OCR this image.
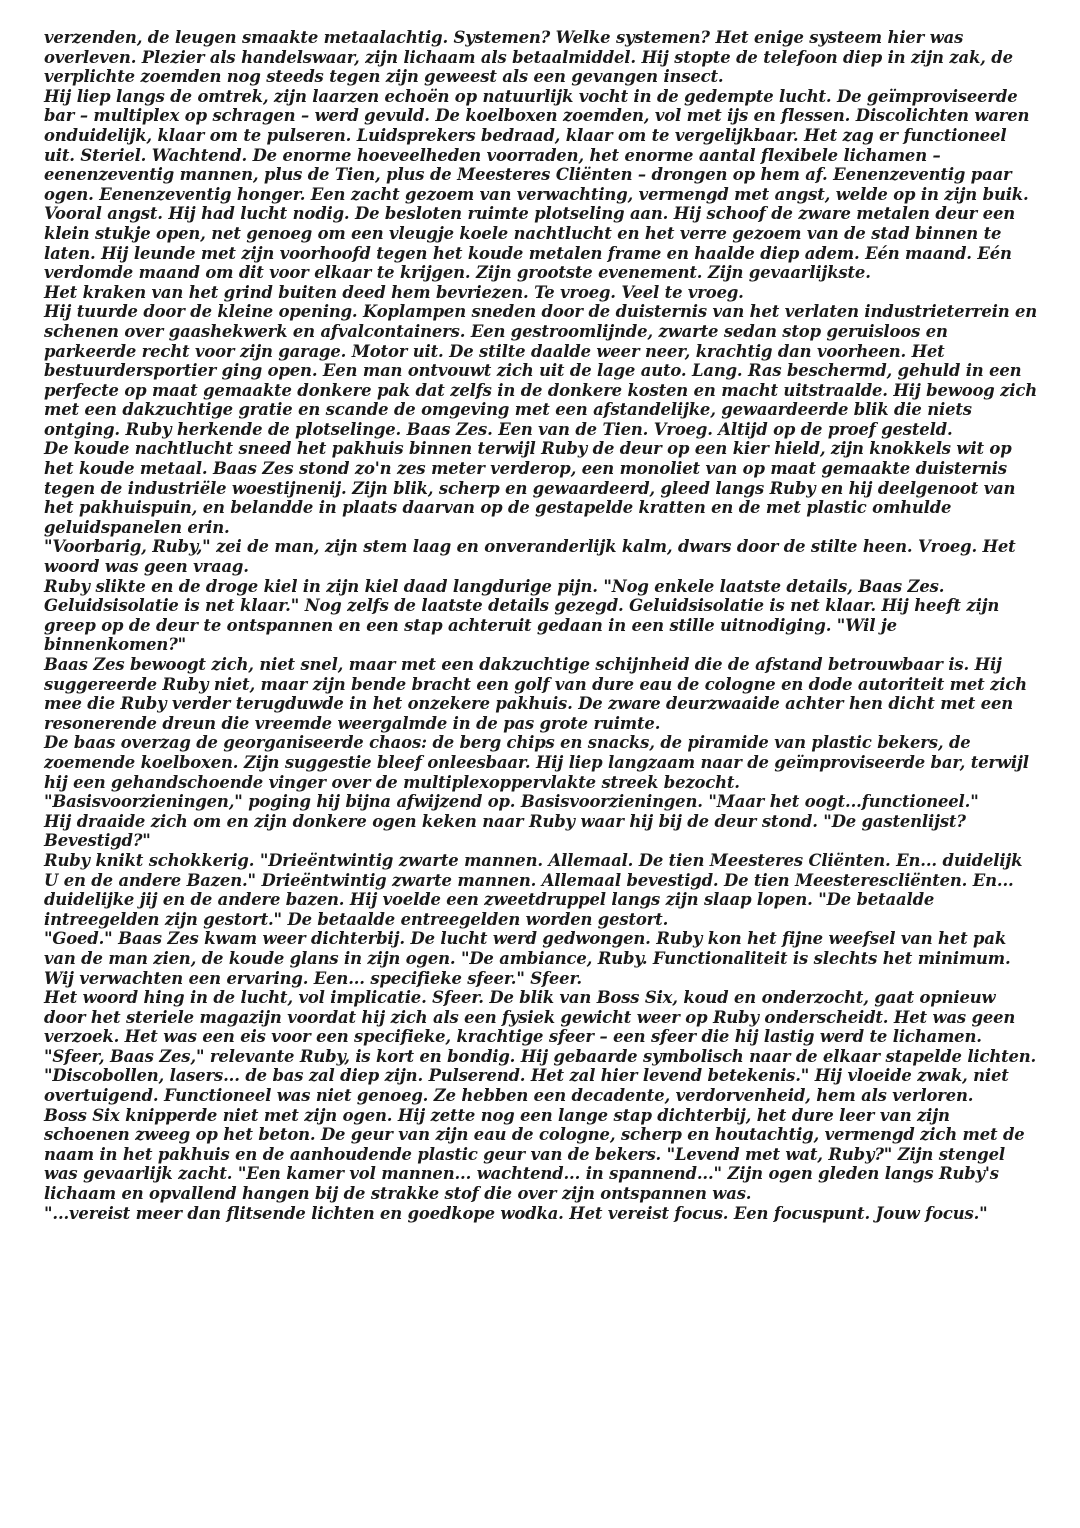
verzenden, de leugen smaakte metaalachtig. Systemen? Welke systemen? Het enige systeem hier was overleven. Plezier als handelswaar, zijn lichaam als betaalmiddel. Hij stopte de telefoon diep in zijn zak, de verplichte zoemden nog steeds tegen zijn geweest als een gevangen insect.

Hij liep langs de omtrek, zijn laarzen echoën op natuurlijk vocht in de gedempte lucht. De geïmproviseerde bar – multiplex op schragen – werd gevuld. De koelboxen zoemden, vol met ijs en flessen. Discolichten waren onduidelijk, klaar om te pulseren. Luidsprekers bedraad, klaar om te vergelijkbaar. Het zag er functioneel uit. Steriel. Wachtend. De enorme hoeveelheden voorraden, het enorme aantal flexibele lichamen – eenenzeventig mannen, plus de Tien, plus de Meesteres Cliënten – drongen op hem af. Eenenzeventig paar ogen. Eenenzeventig honger. Een zacht gezoem van verwachting, vermengd met angst, welde op in zijn buik. Vooral angst. Hij had lucht nodig. De besloten ruimte plotseling aan. Hij schoof de zware metalen deur een klein stukje open, net genoeg om een vleugje koele nachtlucht en het verre gezoem van de stad binnen te laten. Hij leunde met zijn voorhoofd tegen het koude metalen frame en haalde diep adem. Eén maand. Eén verdomde maand om dit voor elkaar te krijgen. Zijn grootste evenement. Zijn gevaarlijkste.

Het kraken van het grind buiten deed hem bevriezen. Te vroeg. Veel te vroeg.

Hij tuurde door de kleine opening. Koplampen sneden door de duisternis van het verlaten industrieterrein en schenen over gaashekwerk en afvalcontainers. Een gestroomlijnde, zwarte sedan stop geruisloos en parkeerde recht voor zijn garage. Motor uit. De stilte daalde weer neer, krachtig dan voorheen. Het bestuurdersportier ging open. Een man ontvouwt zich uit de lage auto. Lang. Ras beschermd, gehuld in een perfecte op maat gemaakte donkere pak dat zelfs in de donkere kosten en macht uitstraalde. Hij bewoog zich met een dakzuchtige gratie en scande de omgeving met een afstandelijke, gewaardeerde blik die niets ontging. Ruby herkende de plotselinge. Baas Zes. Een van de Tien. Vroeg. Altijd op de proef gesteld.

De koude nachtlucht sneed het pakhuis binnen terwijl Ruby de deur op een kier hield, zijn knokkels wit op het koude metaal. Baas Zes stond zo'n zes meter verderop, een monoliet van op maat gemaakte duisternis tegen de industriële woestijnenij. Zijn blik, scherp en gewaardeerd, gleed langs Ruby en hij deelgenoot van het pakhuispuin, en belandde in plaats daarvan op de gestapelde kratten en de met plastic omhulde geluidspanelen erin.

"Voorbarig, Ruby," zei de man, zijn stem laag en onveranderlijk kalm, dwars door de stilte heen. Vroeg. Het woord was geen vraag.

Ruby slikte en de droge kiel in zijn kiel daad langdurige pijn. "Nog enkele laatste details, Baas Zes. Geluidsisolatie is net klaar." Nog zelfs de laatste details gezegd. Geluidsisolatie is net klaar. Hij heeft zijn greep op de deur te ontspannen en een stap achteruit gedaan in een stille uitnodiging. "Wil je binnenkomen?"

Baas Zes bewoogt zich, niet snel, maar met een dakzuchtige schijnheid die de afstand betrouwbaar is. Hij suggereerde Ruby niet, maar zijn bende bracht een golf van dure eau de cologne en dode autoriteit met zich mee die Ruby verder terugduwde in het onzekere pakhuis. De zware deurzwaaide achter hen dicht met een resonerende dreun die vreemde weergalmde in de pas grote ruimte.

De baas overzag de georganiseerde chaos: de berg chips en snacks, de piramide van plastic bekers, de zoemende koelboxen. Zijn suggestie bleef onleesbaar. Hij liep langzaam naar de geïmproviseerde bar, terwijl hij een gehandschoende vinger over de multiplexoppervlakte streek bezocht.

"Basisvoorzieningen," poging hij bijna afwijzend op. Basisvoorzieningen. "Maar het oogt...functioneel."

Hij draaide zich om en zijn donkere ogen keken naar Ruby waar hij bij de deur stond. "De gastenlijst? Bevestigd?"

Ruby knikt schokkerig. "Drieëntwintig zwarte mannen. Allemaal. De tien Meesteres Cliënten. En... duidelijk U en de andere Bazen." Drieëntwintig zwarte mannen. Allemaal bevestigd. De tien Meesterescliënten. En... duidelijke jij en de andere bazen. Hij voelde een zweetdruppel langs zijn slaap lopen. "De betaalde intreegelden zijn gestort." De betaalde entreegelden worden gestort.

"Goed." Baas Zes kwam weer dichterbij. De lucht werd gedwongen. Ruby kon het fijne weefsel van het pak van de man zien, de koude glans in zijn ogen. "De ambiance, Ruby. Functionaliteit is slechts het minimum. Wij verwachten een ervaring. Een... specifieke sfeer." Sfeer.

Het woord hing in de lucht, vol implicatie. Sfeer. De blik van Boss Six, koud en onderzocht, gaat opnieuw door het steriele magazijn voordat hij zich als een fysiek gewicht weer op Ruby onderscheidt. Het was geen verzoek. Het was een eis voor een specifieke, krachtige sfeer – een sfeer die hij lastig werd te lichamen.

"Sfeer, Baas Zes," relevante Ruby, is kort en bondig. Hij gebaarde symbolisch naar de elkaar stapelde lichten. "Discobollen, lasers... de bas zal diep zijn. Pulserend. Het zal hier levend betekenis." Hij vloeide zwak, niet overtuigend. Functioneel was niet genoeg. Ze hebben een decadente, verdorvenheid, hem als verloren.

Boss Six knipperde niet met zijn ogen. Hij zette nog een lange stap dichterbij, het dure leer van zijn schoenen zweeg op het beton. De geur van zijn eau de cologne, scherp en houtachtig, vermengd zich met de naam in het pakhuis en de aanhoudende plastic geur van de bekers. "Levend met wat, Ruby?" Zijn stengel was gevaarlijk zacht. "Een kamer vol mannen... wachtend... in spannend..." Zijn ogen gleden langs Ruby's lichaam en opvallend hangen bij de strakke stof die over zijn ontspannen was.

"...vereist meer dan flitsende lichten en goedkope wodka. Het vereist focus. Een focuspunt. Jouw focus."
